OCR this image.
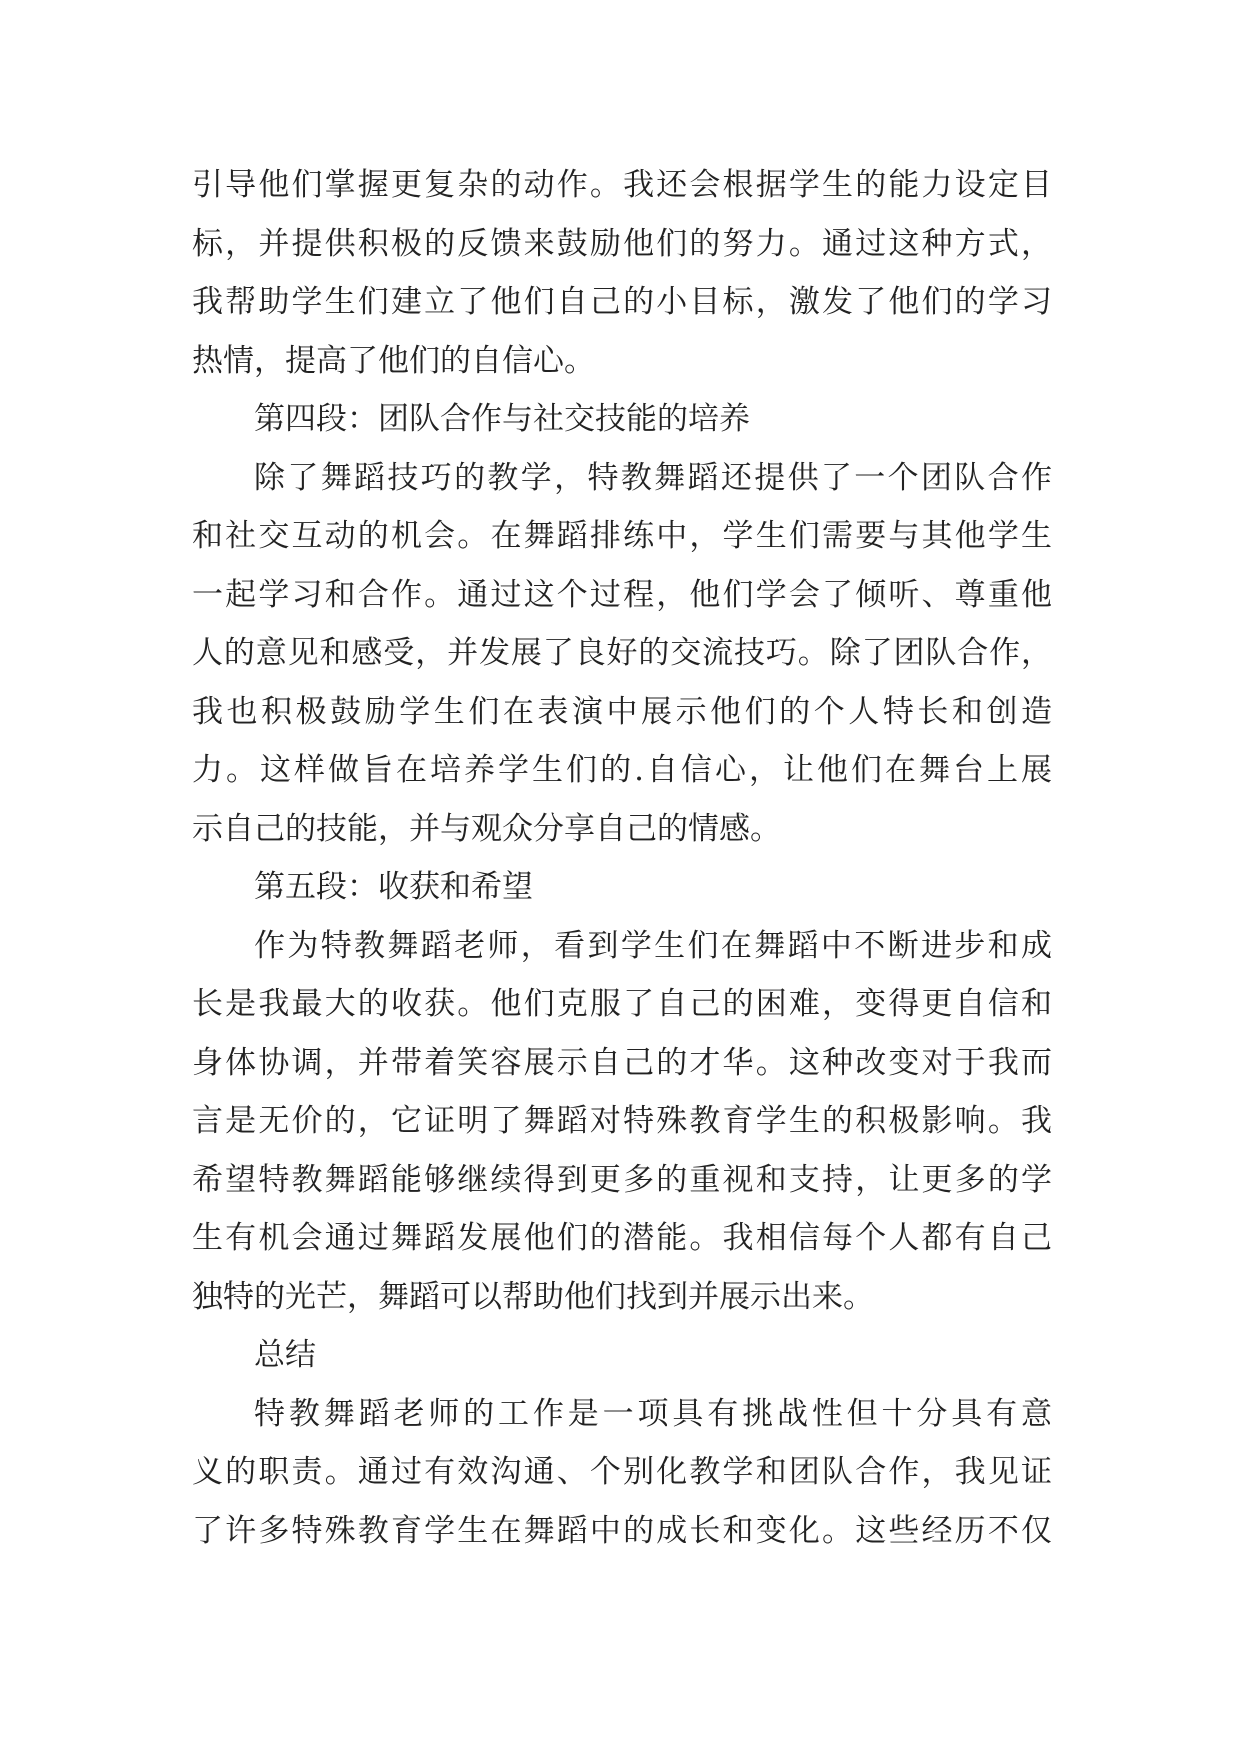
引导他们掌握更复杂的动作。我还会根据学生的能力设定目
标，并提供积极的反馈来鼓励他们的努力。通过这种方式，
我帮助学生们建立了他们自己的小目标，激发了他们的学习
热情，提高了他们的自信心。
第四段：团队合作与社交技能的培养
除了舞蹈技巧的教学，特教舞蹈还提供了一个团队合作
和社交互动的机会。在舞蹈排练中，学生们需要与其他学生
一起学习和合作。通过这个过程，他们学会了倾听、尊重他
人的意见和感受，并发展了良好的交流技巧。除了团队合作，
我也积极鼓励学生们在表演中展示他们的个人特长和创造
力。这样做旨在培养学生们的.自信心，让他们在舞台上展
示自己的技能，并与观众分享自己的情感。
第五段：收获和希望
作为特教舞蹈老师，看到学生们在舞蹈中不断进步和成
长是我最大的收获。他们克服了自己的困难，变得更自信和
身体协调，并带着笑容展示自己的才华。这种改变对于我而
言是无价的，它证明了舞蹈对特殊教育学生的积极影响。我
希望特教舞蹈能够继续得到更多的重视和支持，让更多的学
生有机会通过舞蹈发展他们的潜能。我相信每个人都有自己
独特的光芒，舞蹈可以帮助他们找到并展示出来。
总结
特教舞蹈老师的工作是一项具有挑战性但十分具有意
义的职责。通过有效沟通、个别化教学和团队合作，我见证
了许多特殊教育学生在舞蹈中的成长和变化。这些经历不仅
